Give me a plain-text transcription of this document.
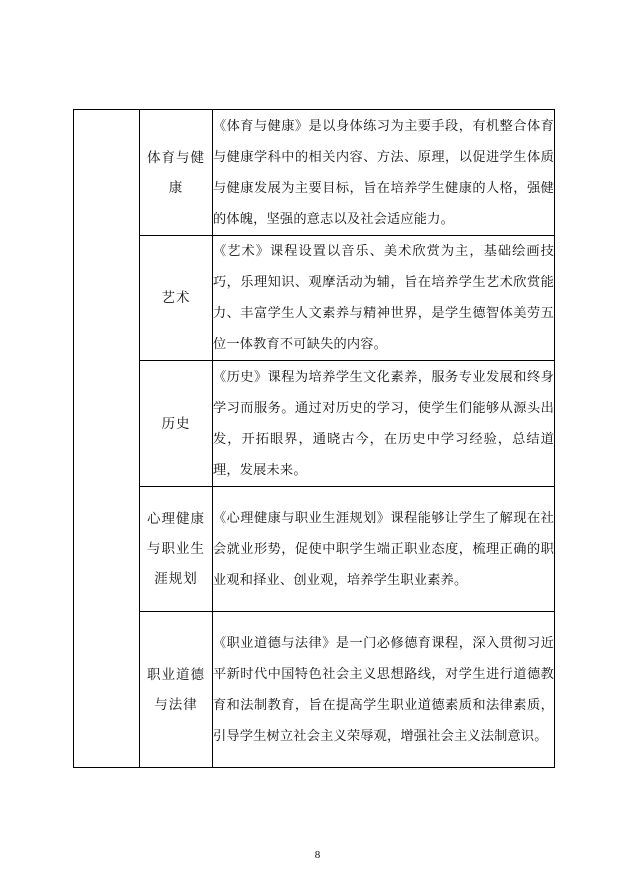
	体育与健康	《体育与健康》是以身体练习为主要手段，有机整合体育与健康学科中的相关内容、方法、原理，以促进学生体质与健康发展为主要目标，旨在培养学生健康的人格，强健的体魄，坚强的意志以及社会适应能力。

	艺术	《艺术》课程设置以音乐、美术欣赏为主，基础绘画技巧，乐理知识、观摩活动为辅，旨在培养学生艺术欣赏能力、丰富学生人文素养与精神世界，是学生德智体美劳五位一体教育不可缺失的内容。

	历史	《历史》课程为培养学生文化素养，服务专业发展和终身学习而服务。通过对历史的学习，使学生们能够从源头出发，开拓眼界，通晓古今，在历史中学习经验，总结道理，发展未来。

	心理健康与职业生涯规划	《心理健康与职业生涯规划》课程能够让学生了解现在社会就业形势，促使中职学生端正职业态度，梳理正确的职业观和择业、创业观，培养学生职业素养。

	职业道德与法律	《职业道德与法律》是一门必修德育课程，深入贯彻习近平新时代中国特色社会主义思想路线，对学生进行道德教育和法制教育，旨在提高学生职业道德素质和法律素质，引导学生树立社会主义荣辱观，增强社会主义法制意识。
8
